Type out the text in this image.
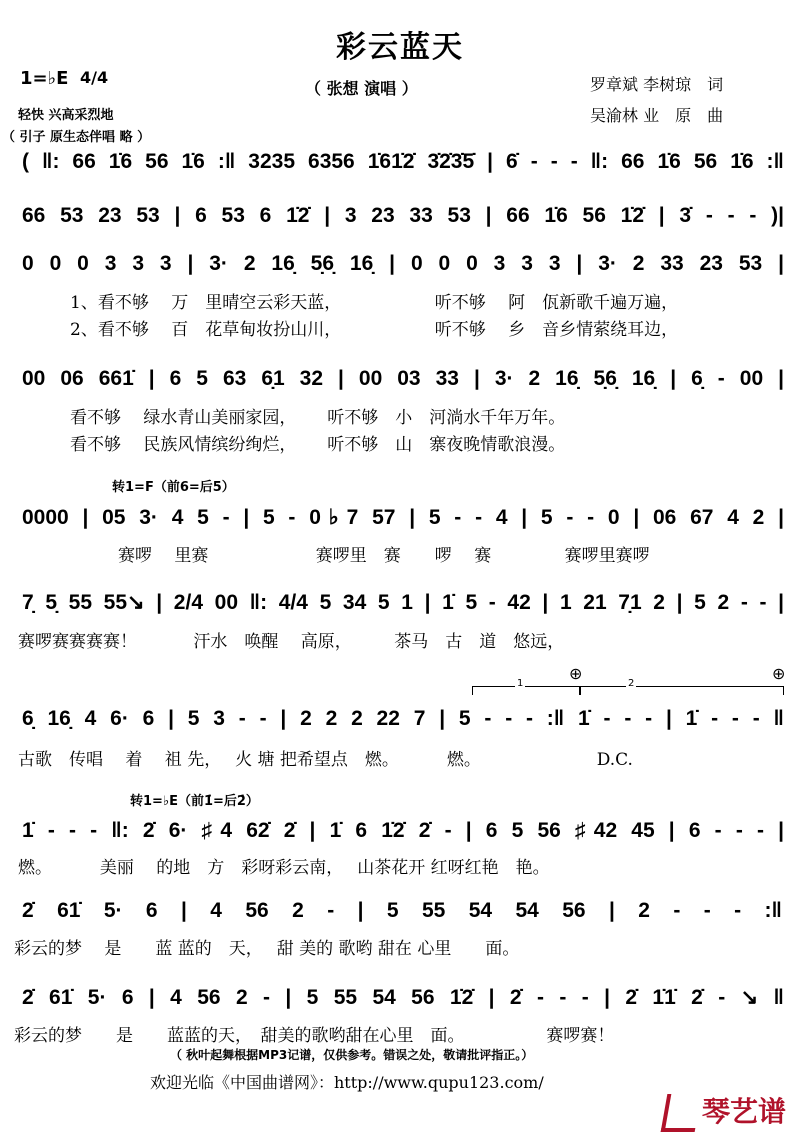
彩云蓝天
1=♭E 4/4
（ 张想 演唱 ）	罗章斌 李树琼　词
吴渝林 业　原　曲
轻快 兴高采烈地
（ 引子 原生态伴唱 略 ）
( ‖: 66 1̇6 56 1̇6 :‖ 3235 6356 1̇61̇2̇ 3̇2̇3̇5̇ | 6̇ - - - ‖: 66 1̇6 56 1̇6 :‖
66 53 23 53 | 6 53 6 1̇2̇ | 3 23 33 53 | 66 1̇6 56 1̇2̇ | 3̇ - - - )|
0 0 0 3 3 3 | 3· 2 16̣ 5̣6̣ 16̣ | 0 0 0 3 3 3 | 3· 2 33 23 53 |
1、看不够　 万　里晴空云彩天蓝，　　　　　　听不够　 阿　佤新歌千遍万遍，
2、看不够　 百　花草甸妆扮山川，　　　　　　听不够　 乡　音乡情萦绕耳边，
00 06 661̇ | 6 5 63 6̣1 32 | 00 03 33 | 3· 2 16̣ 5̣6̣ 16̣ | 6̣ - 00 |
看不够　 绿水青山美丽家园，　　 听不够　小　河淌水千年万年。
看不够　 民族风情缤纷绚烂，　　 听不够　山　寨夜晚情歌浪漫。
转1=F（前6=后5）
0000 | 05 3· 4 5 - | 5 - 0♭7 57 | 5 - - 4 | 5 - - 0 | 06 67 4 2 |
赛啰　 里赛　　　　　　 赛啰里　赛　　啰　 赛　　　　 赛啰里赛啰
7̣ 5̣ 55 55↘ | 2/4 00 ‖: 4/4 5 34 5 1 | 1̇ 5 - 42 | 1 21 7̣1 2 | 5 2 - - |
赛啰赛赛赛赛！　　　 汗水　唤醒　 高原，　　　茶马　古　道　悠远，
1	2
⊕	⊕
6̣ 16̣ 4 6· 6 | 5 3 - - | 2 2 2 22 7 | 5 - - - :‖ 1̇ - - - | 1̇ - - - ‖
古歌　传唱　 着　 祖 先，　 火 塘 把希望点　燃。　　　 燃。　　　　　　　 D.C.
转1=♭E（前1̇=后2̇）
1̇ - - - ‖: 2̇ 6· ♯4 62̇ 2̇ | 1̇ 6 1̇2̇ 2̇ - | 6 5 56 ♯42 45 | 6 - - - |
燃。　　　 美丽　 的地　方　彩呀彩云南，　 山茶花开 红呀红艳　艳。
2̇ 61̇ 5· 6 | 4 56 2 - | 5 55 54 54 56 | 2 - - - :‖
彩云的梦　 是　　蓝 蓝的　天，　 甜 美的 歌哟 甜在 心里　　面。
2̇ 61̇ 5· 6 | 4 56 2 - | 5 55 54 56 1̇2̇ | 2̇ - - - | 2̇ 1̇1̇ 2̇ - ↘ ‖
彩云的梦　　是　　蓝蓝的天，　甜美的歌哟甜在心里　面。　　　　　 赛啰赛！
（ 秋叶起舞根据MP3记谱，仅供参考。错误之处，敬请批评指正。）
欢迎光临《中国曲谱网》：http://www.qupu123.com/
琴艺谱
